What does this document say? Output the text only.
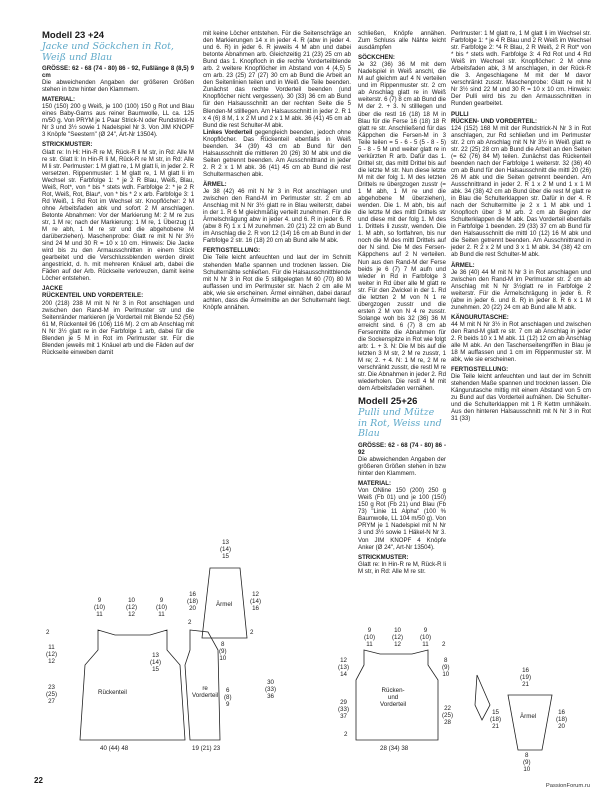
Modell 23 +24
Jacke und Söckchen in Rot, Weiß und Blau

GRÖSSE: 62 - 68 (74 - 80) 86 - 92, Fußlänge 8 (8,5) 9 cm

Die abweichenden Angaben der größeren Größen stehen in bzw hinter den Klammern.

MATERIAL:

150 (150) 200 g Weiß, je 100 (100) 150 g Rot und Blau eines Baby-Garns aus reiner Baumwolle, LL ca. 125 m/50 g. Von PRYM je 1 Paar Strick-N oder Rundstrick-N Nr 3 und 3½ sowie 1 Nadelspiel Nr 3. Von JIM KNOPF 3 Knöpfe "Seestern" (Ø 24", Art-Nr 13504).

STRICKMUSTER:

Glatt re: In Hi: Hin-R re M, Rück-R li M str, in Rd: Alle M re str. Glatt li: In Hin-R li M, Rück-R re M str, in Rd: Alle M li str. Perlmuster: 1 M glatt re, 1 M glatt li, in jeder 2. R versetzen. Rippenmuster: 1 M glatt re, 1 M glatt li im Wechsel str. Farbfolge 1: * je 2 R Blau, Weiß, Blau, Weiß, Rot*, von * bis * stets wdh. Farbfolge 2: * je 2 R Rot, Weiß, Rot, Blau*, von * bis * 2 x arb. Farbfolge 3: 1 Rd Weiß, 1 Rd Rot im Wechsel str. Knopflöcher: 2 M ohne Arbeitsfaden abk und sofort 2 M anschlagen. Betonte Abnahmen: Vor der Markierung M: 2 M re zus str, 1 M re; nach der Markierung: 1 M re, 1 Überzug (1 M re abh, 1 M re str und die abgehobene M darüberziehen). Maschenprobe: Glatt re mit N Nr 3½ sind 24 M und 30 R = 10 x 10 cm. Hinweis: Die Jacke wird bis zu den Armausschnitten in einem Stück gearbeitet und die Verschlussblenden werden direkt angestrickt, d. h. mit mehreren Knäuel arb, dabei die Fäden auf der Arb. Rückseite verkreuzen, damit keine Löcher entstehen.

JACKE
RÜCKENTEIL UND VORDERTEILE:

200 (218) 238 M mit N Nr 3 in Rot anschlagen und zwischen den Rand-M im Perlmuster str und die Seitenränder markieren (je Vorderteil mit Blende 52 (56) 61 M, Rückenteil 96 (106) 116 M). 2 cm ab Anschlag mit N Nr 3½ glatt re in der Farbfolge 1 arb, dabei für die Blenden je 5 M in Rot im Perlmuster str. Für die Blenden jeweils mit 1 Knäuel arb und die Fäden auf der Rückseite einweben damit

mit keine Löcher entstehen. Für die Seitenschräge an den Markierungen 14 x in jeder 4. R (abw in jeder 4. und 6. R) in jeder 6. R jeweils 4 M abn und dabei betonte Abnahmen arb. Gleichzeitig 21 (23) 25 cm ab Bund das 1. Knopfloch in die rechte Vorderteilblende arb. 2 weitere Knopflöcher im Abstand von 4 (4,5) 5 cm arb. 23 (25) 27 (27) 30 cm ab Bund die Arbeit an den Seitenlinien teilen und in Weiß die Teile beenden. Zunächst das rechte Vorderteil beenden (und Knopflöcher nicht vergessen). 30 (33) 36 cm ab Bund für den Halsausschnitt an der rechten Seite die 5 Blenden-M stilllegen. Am Halsausschnitt in jeder 2. R 1 x 4 (6) 8 M, 1 x 2 M und 2 x 1 M abk. 36 (41) 45 cm ab Bund die rest Schulter-M abk.

Linkes Vorderteil gegengleich beenden, jedoch ohne Knopflöcher. Das Rückenteil ebenfalls in Weiß beenden. 34 (39) 43 cm ab Bund für den Halsausschnitt die mittleren 20 (26) 30 M abk und die Seiten getrennt beenden. Am Ausschnittrand in jeder 2. R 2 x 1 M abk. 36 (41) 45 cm ab Bund die rest Schultermaschen abk.

ÄRMEL:

Je 38 (42) 46 mit N Nr 3 in Rot anschlagen und zwischen den Rand-M im Perlmuster str. 2 cm ab Anschlag mit N Nr 3½ glatt re in Blau weiterstr, dabei in der 1. R 6 M gleichmäßig verteilt zunehmen. Für die Ärmelschrägung abw in jeder 4. und 6. R in jeder 6. R (abw 8 R) 1 x 1 M zunehmen. 20 (21) 22 cm ab Bund im Anschlag die 2. R von 12 (14) 16 cm ab Bund in der Farbfolge 2 str. 16 (18) 20 cm ab Bund alle M abk.

FERTIGSTELLUNG:

Die Teile leicht anfeuchten und laut der im Schnitt stehenden Maße spannen und trocknen lassen. Die Schulternähte schließen. Für die Halsausschnittblende mit N Nr 3 in Rot die 5 stillgelegten M 60 (70) 80 M auffassen und im Perlmuster str. Nach 2 cm alle M abk, wie sie erscheinen. Ärmel einnähen, dabei darauf achten, dass die Ärmelmitte an der Schulternaht liegt. Knöpfe annähen.

schließen, Knöpfe annähen. Zum Schluss alle Nähte leicht ausdämpfen

SÖCKCHEN:

Je 32 (36) 36 M mit dem Nadelspiel in Weiß anschl, die M auf gleichm auf 4 N verteilen und im Rippenmuster str. 2 cm ab Anschlag glatt re in Weiß weiterstr. 6 (7) 8 cm ab Bund die M der 2. + 3. N stilllegen und über die restl 16 (18) 18 M in Blau für die Ferse 16 (18) 18 R glatt re str. Anschließend für das Käppchen die Fersen-M in 3 Teile teilen = 5 - 6 - 5 (5 - 8 - 5) 5 - 8 - 5 M und weiter glatt re in verkürzten R arb. Dafür das 1. Drittel str, das mittl Drittel bis auf die letzte M str. Nun diese letzte M mit der folg 1. M des letzten Drittels re übergzogen zusstr (= 1 M abh, 1 M re und die abgehobene M überziehen), wenden. Die 1. M abh, bis auf die letzte M des mittl Drittels str und diese mit der folg 1. M des 1. Drittels li zusstr, wenden. Die 1. M abh, so fortfahren, bis nur noch die M des mittl Drittels auf der N sind. Die M des Fersen-Käppchens auf 2 N verteilen. Nun aus den Rand-M der Ferse beids je 6 (7) 7 M aufn und wieder in Rd in Farbfolge 3 weiter in Rd über alle M glatt re str. Für den Zwickel in der 1. Rd die letzten 2 M von N 1 re übergzogen zusstr und die ersten 2 M von N 4 re zusstr. Solange woh bis 32 (36) 36 M erreicht sind. 6 (7) 8 cm ab Fersenmitte die Abnahmen für die Sockenspitze in Rot wie folgt arb: 1. + 3. N: Die M bis auf die letzten 3 M str, 2 M re zusstr, 1 M re; 2. + 4. N: 1 M re, 2 M re verschränkt zusstr, die restl M re str. Die Abnahmen in jeder 2. Rd wiederholen. Die restl 4 M mit dem Arbeitsfaden vernähen.

Modell 25+26
Pulli und Mütze in Rot, Weiss und Blau

GRÖSSE: 62 - 68 (74 - 80) 86 - 92

Die abweichenden Angaben der größeren Größen stehen in bzw hinter den Klammern.

MATERIAL:

Von ONline 150 (200) 250 g Weiß (Fb 01) und je 100 (150) 150 g Rot (Fb 21) und Blau (Fb 73) "Linie 11 Alpha" (100 % Baumwolle, LL 104 m/50 g). Von PRYM je 1 Nadelspiel mit N Nr 3 und 3½ sowie 1 Häkel-N Nr 3. Von JIM KNOPF 4 Knöpfe Anker (Ø 24", Art-Nr 13504).

STRICKMUSTER:

Glatt re: In Hin-R re M, Rück-R li M str, in Rd: Alle M re str.

Perlmuster: 1 M glatt re, 1 M glatt li im Wechsel str. Farbfolge 1: * je 4 R Blau und 2 R Weiß im Wechsel str. Farbfolge 2: *4 R Blau, 2 R Weiß, 2 R Rot* von * bis * stets wdh. Farbfolge 3: 4 Rd Rot und 4 Rd Weiß im Wechsel str. Knopflöcher: 2 M ohne Arbeitsfaden abk, 3 M anschlagen, in der Rück-R die 3. Angeschlagene M mit der M davor verschränkt zusstr. Maschenprobe: Glatt re mit N Nr 3½ sind 22 M und 30 R = 10 x 10 cm. Hinweis: Der Pulli wird bis zu den Armausschnitten in Runden gearbeitet.

PULLI
RÜCKEN- UND VORDERTEIL:

124 (152) 168 M mit der Rundstrick-N Nr 3 in Rot anschlagen, zur Rd schließen und im Perlmuster str. 2 cm ab Anschlag mit N Nr 3½ in Weiß glatt re str. 22 (25) 28 cm ab Bund die Arbeit an den Seiten (= 62 (76) 84 M) teilen. Zunächst das Rückenteil beenden nach der Farbfolge 1 weiterstr. 32 (36) 40 cm ab Bund für den Halsausschnitt die mittl 20 (26) 26 M abk und die Seiten getrennt beenden. Am Ausschnittrand in jeder 2. R 1 x 2 M und 1 x 1 M abk. 34 (38) 42 cm ab Bund über die rest M glatt re in Blau die Schulterklappen str. Dafür in der 4. R nach der Schultermitte je 2 x 1 M abk und 1 Knopfloch über 3 M arb. 2 cm ab Beginn der Schulterklappen die M abk. Das Vorderteil ebenfalls in Farbfolge 1 beenden. 29 (33) 37 cm ab Bund für den Halsausschnitt die mittl 10 (12) 16 M abk und die Seiten getrennt beenden. Am Ausschnittrand in jeder 2. R 2 x 2 M und 3 x 1 M abk. 34 (38) 42 cm ab Bund die rest Schulter-M abk.

ÄRMEL:

Je 36 (40) 44 M mit N Nr 3 in Rot anschlagen und zwischen den Rand-M im Perlmuster str. 2 cm ab Anschlag mit N Nr 3½glatt re in Farbfolge 2 weiterstr. Für die Ärmelschrägung in jeder 6. R (abw in jeder 6. und 8. R) in jeder 8. R 6 x 1 M zunehmen. 20 (22) 24 cm ab Bund alle M abk.

KÄNGURUTASCHE:

44 M mit N Nr 3½ in Rot anschlagen und zwischen den Rand-M glatt re str. 7 cm ab Anschlag in jeder 2. R beids 10 x 1 M abk. 11 (12) 12 cm ab Anschlag alle M abk. An den Taschenseitengriffen in Blau je 18 M auffassen und 1 cm im Rippenmuster str. M abk, wie sie erscheinen.

FERTIGSTELLUNG:

Die Teile leicht anfeuchten und laut der im Schnitt stehenden Maße spannen und trocknen lassen. Die Kängurutasche mittig mit einem Abstand von 5 cm zu Bund auf das Vorderteil aufnähen. Die Schulter- und die Schulterklappen mit 1 R Kettm umhäkeln. Aus den hinteren Halsausschnitt mit N Nr 3 in Rot 31 (33)

Rückenteil
re
Vorderteil
Ärmel
9
(10)
11
10
(12)
12
9
(10)
11
2
11
(12)
12
23
(25)
27
13
(14)
15
30
(33)
36
40 (44) 48	19 (21) 23
2
13
(14)
15
16
(18)
20
12
(14)
16
2
8
(9)
10
6
(8)
9
Rücken-
und
Vorderteil
Ärmel
9
(10)
11
10
(12)
12
9
(10)
11
12
(13)
14
29
(33)
37
8
(9)
10
22
(25)
28
2
2
28 (34) 38
16
(19)
21
15
(18)
21
16
(18)
20
8
(9)
10
22
PassionForum.ru
